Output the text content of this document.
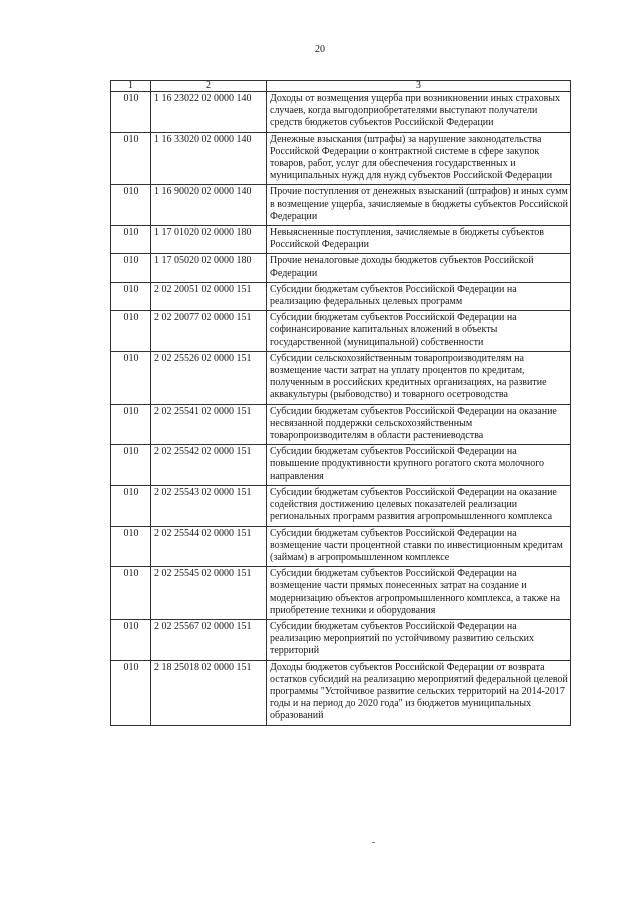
20
1	2	3
010	1 16 23022 02 0000 140	Доходы от возмещения ущерба при возникновении иных страховых случаев, когда выгодоприобретателями выступают получатели средств бюджетов субъектов Российской Федерации
010	1 16 33020 02 0000 140	Денежные взыскания (штрафы) за нарушение законодательства Российской Федерации о контрактной системе в сфере закупок товаров, работ, услуг для обеспечения государственных и муниципальных нужд для нужд субъектов Российской Федерации
010	1 16 90020 02 0000 140	Прочие поступления от денежных взысканий (штрафов) и иных сумм в возмещение ущерба, зачисляемые в бюджеты субъектов Российской Федерации
010	1 17 01020 02 0000 180	Невыясненные поступления, зачисляемые в бюджеты субъектов Российской Федерации
010	1 17 05020 02 0000 180	Прочие неналоговые доходы бюджетов субъектов Российской Федерации
010	2 02 20051 02 0000 151	Субсидии бюджетам субъектов Российской Федерации на реализацию федеральных целевых программ
010	2 02 20077 02 0000 151	Субсидии бюджетам субъектов Российской Федерации на софинансирование капитальных вложений в объекты государственной (муниципальной) собственности
010	2 02 25526 02 0000 151	Субсидии сельскохозяйственным товаропроизводителям на возмещение части затрат на уплату процентов по кредитам, полученным в российских кредитных организациях, на развитие аквакультуры (рыбоводство) и товарного осетроводства
010	2 02 25541 02 0000 151	Субсидии бюджетам субъектов Российской Федерации на оказание несвязанной поддержки сельскохозяйственным товаропроизводителям в области растениеводства
010	2 02 25542 02 0000 151	Субсидии бюджетам субъектов Российской Федерации на повышение продуктивности крупного рогатого скота молочного направления
010	2 02 25543 02 0000 151	Субсидии бюджетам субъектов Российской Федерации на оказание содействия достижению целевых показателей реализации региональных программ развития агропромышленного комплекса
010	2 02 25544 02 0000 151	Субсидии бюджетам субъектов Российской Федерации на возмещение части процентной ставки по инвестиционным кредитам (займам) в агропромышленном комплексе
010	2 02 25545 02 0000 151	Субсидии бюджетам субъектов Российской Федерации на возмещение части прямых понесенных затрат на создание и модернизацию объектов агропромышленного комплекса, а также на приобретение техники и оборудования
010	2 02 25567 02 0000 151	Субсидии бюджетам субъектов Российской Федерации на реализацию мероприятий по устойчивому развитию сельских территорий
010	2 18 25018 02 0000 151	Доходы бюджетов субъектов Российской Федерации от возврата остатков субсидий на реализацию мероприятий федеральной целевой программы "Устойчивое развитие сельских территорий на 2014-2017 годы и на период до 2020 года" из бюджетов муниципальных образований
